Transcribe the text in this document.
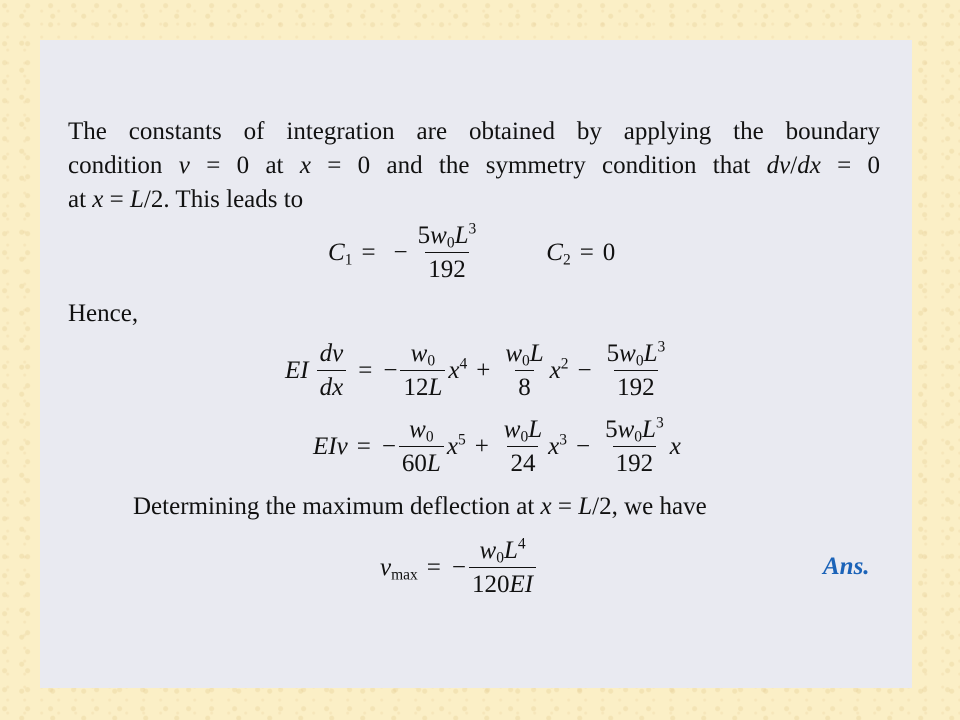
The constants of integration are obtained by applying the boundary
condition v = 0 at x = 0 and the symmetry condition that dv/dx = 0
at x = L/2. This leads to
$C_1$ = − $\frac{5w_0L^3}{192}$	$C_2 = 0$
Hence,
EI $\frac{dv}{dx}$ = − $\frac{w_0}{12L} x^4 + \frac{w_0L}{8} x^2 - \frac{5w_0L^3}{192}$
EIv = − $\frac{w_0}{60L} x^5 + \frac{w_0L}{24} x^3 - \frac{5w_0L^3}{192}$ x
Determining the maximum deflection at x = L/2, we have
$v_{max}$ = − $\frac{w_0L^4}{120EI}$	Ans.
